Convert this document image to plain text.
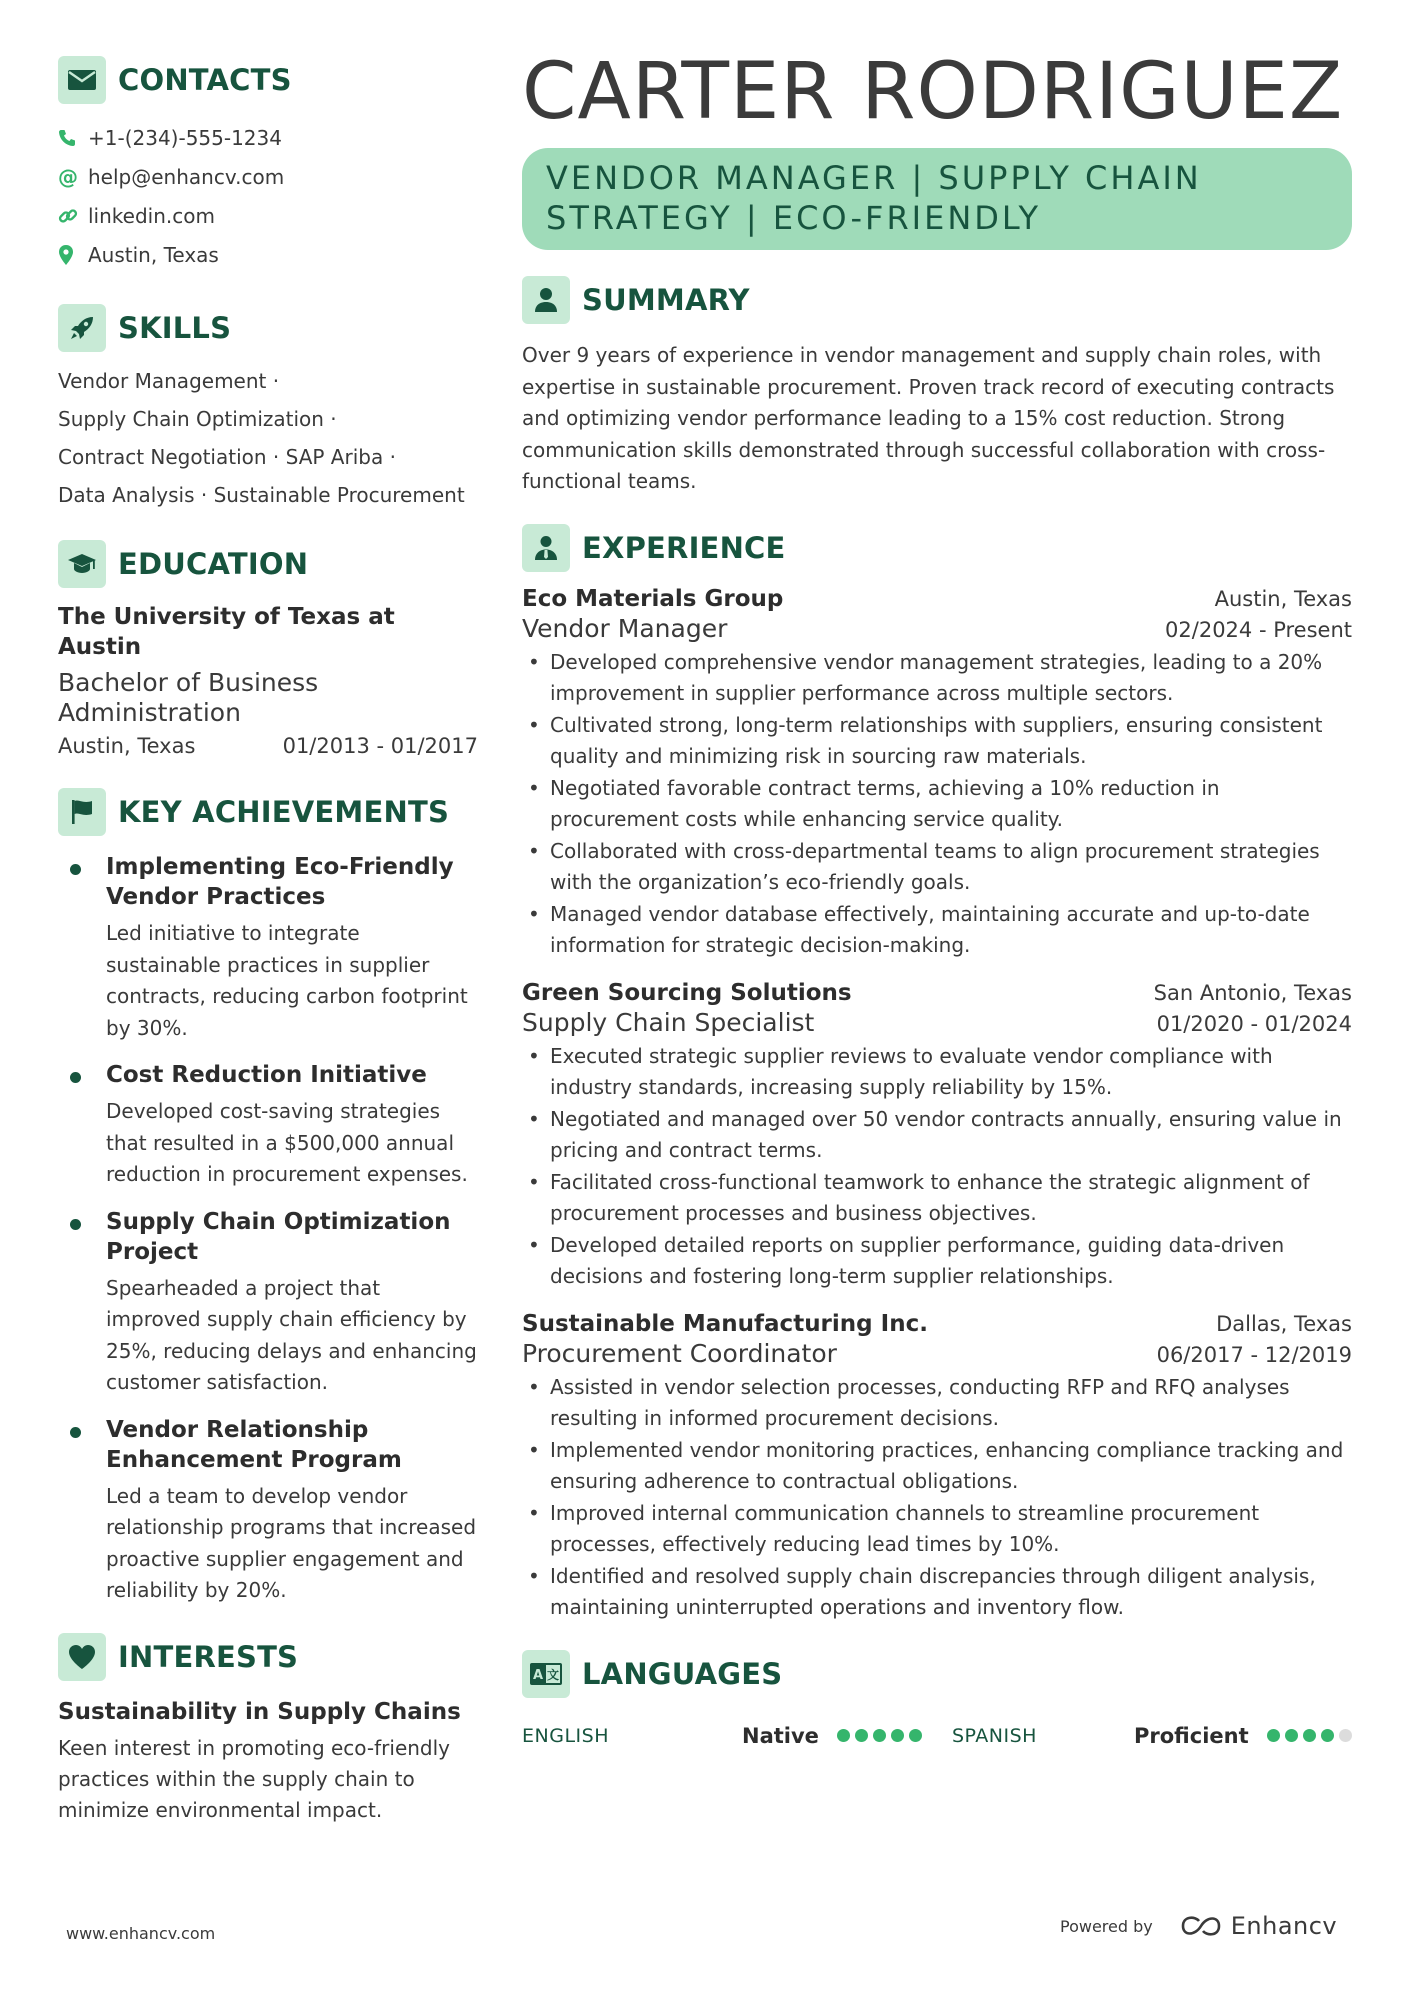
CONTACTS
+1-(234)-555-1234
@ help@enhancv.com
linkedin.com
Austin, Texas
SKILLS
Vendor Management ·
Supply Chain Optimization ·
Contract Negotiation · SAP Ariba ·
Data Analysis · Sustainable Procurement
EDUCATION
The University of Texas at Austin
Bachelor of Business Administration
Austin, Texas	01/2013 - 01/2017
KEY ACHIEVEMENTS
Implementing Eco-Friendly Vendor Practices
Led initiative to integrate sustainable practices in supplier contracts, reducing carbon footprint by 30%.
Cost Reduction Initiative
Developed cost-saving strategies that resulted in a $500,000 annual reduction in procurement expenses.
Supply Chain Optimization Project
Spearheaded a project that improved supply chain efficiency by 25%, reducing delays and enhancing customer satisfaction.
Vendor Relationship Enhancement Program
Led a team to develop vendor relationship programs that increased proactive supplier engagement and reliability by 20%.
INTERESTS
Sustainability in Supply Chains
Keen interest in promoting eco-friendly practices within the supply chain to minimize environmental impact.
CARTER RODRIGUEZ
VENDOR MANAGER | SUPPLY CHAIN
STRATEGY | ECO-FRIENDLY
SUMMARY
Over 9 years of experience in vendor management and supply chain roles, with expertise in sustainable procurement. Proven track record of executing contracts and optimizing vendor performance leading to a 15% cost reduction. Strong communication skills demonstrated through successful collaboration with cross-functional teams.
EXPERIENCE
Eco Materials Group	Austin, Texas
Vendor Manager	02/2024 - Present
• Developed comprehensive vendor management strategies, leading to a 20% improvement in supplier performance across multiple sectors.
• Cultivated strong, long-term relationships with suppliers, ensuring consistent quality and minimizing risk in sourcing raw materials.
• Negotiated favorable contract terms, achieving a 10% reduction in procurement costs while enhancing service quality.
• Collaborated with cross-departmental teams to align procurement strategies with the organization’s eco-friendly goals.
• Managed vendor database effectively, maintaining accurate and up-to-date information for strategic decision-making.
Green Sourcing Solutions	San Antonio, Texas
Supply Chain Specialist	01/2020 - 01/2024
• Executed strategic supplier reviews to evaluate vendor compliance with industry standards, increasing supply reliability by 15%.
• Negotiated and managed over 50 vendor contracts annually, ensuring value in pricing and contract terms.
• Facilitated cross-functional teamwork to enhance the strategic alignment of procurement processes and business objectives.
• Developed detailed reports on supplier performance, guiding data-driven decisions and fostering long-term supplier relationships.
Sustainable Manufacturing Inc.	Dallas, Texas
Procurement Coordinator	06/2017 - 12/2019
• Assisted in vendor selection processes, conducting RFP and RFQ analyses resulting in informed procurement decisions.
• Implemented vendor monitoring practices, enhancing compliance tracking and ensuring adherence to contractual obligations.
• Improved internal communication channels to streamline procurement processes, effectively reducing lead times by 10%.
• Identified and resolved supply chain discrepancies through diligent analysis, maintaining uninterrupted operations and inventory flow.
A 文 LANGUAGES
ENGLISH	Native	SPANISH	Proficient
www.enhancv.com	Powered by	Enhancv
